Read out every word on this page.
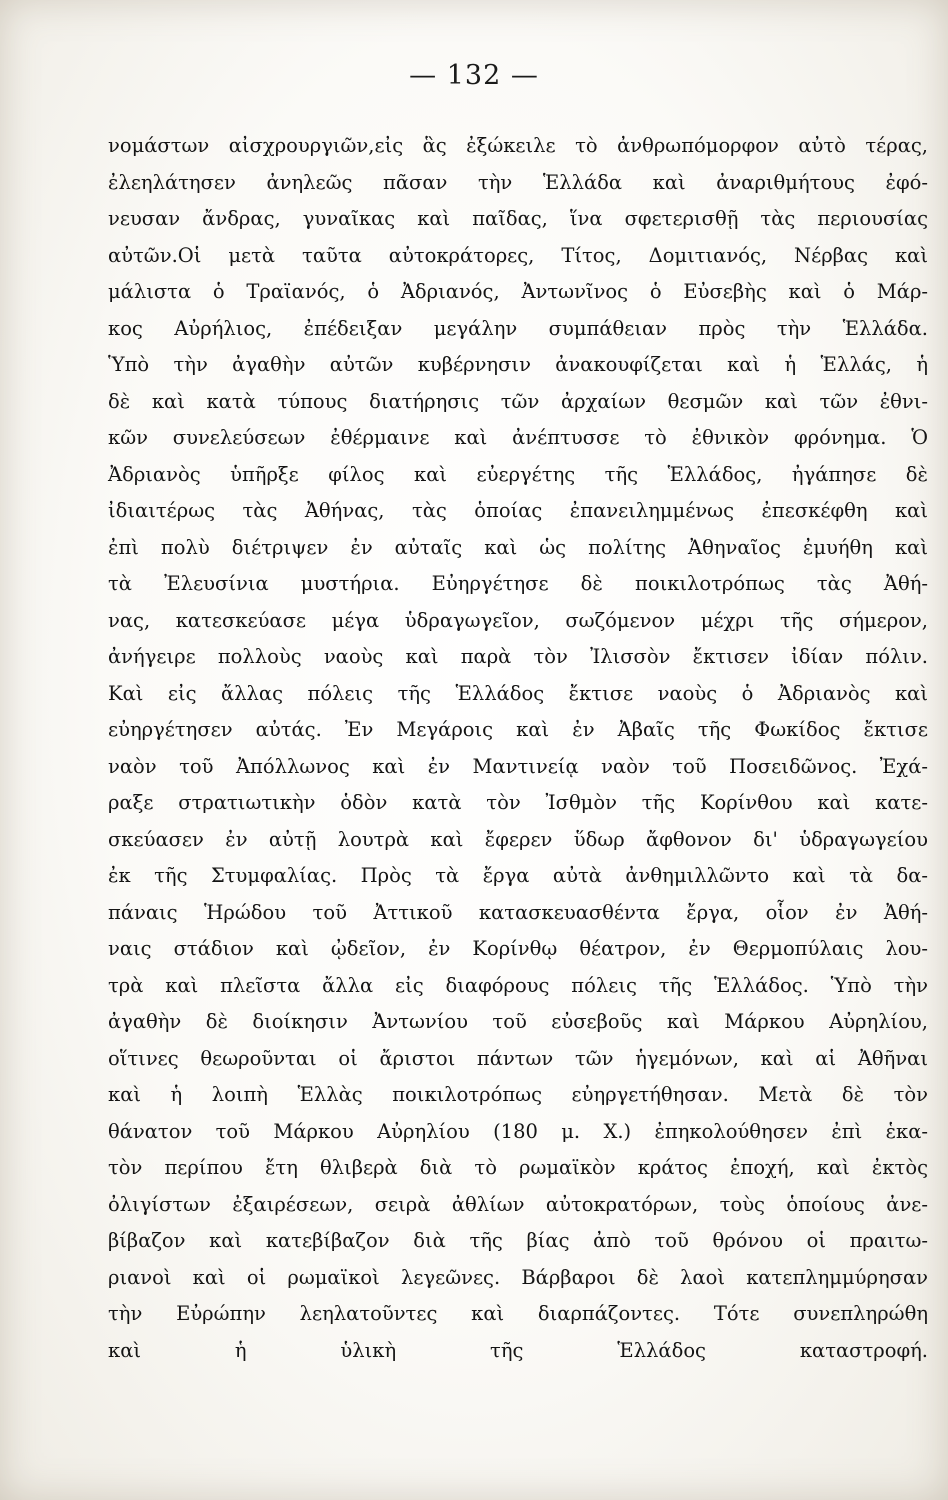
— 132 —
νομάστων αἰσχρουργιῶν,εἰς ἃς ἐξώκειλε τὸ ἀνθρωπόμορφον αὐτὸ τέρας,
ἐλεηλάτησεν ἀνηλεῶς πᾶσαν τὴν Ἑλλάδα καὶ ἀναριθμήτους ἐφό-
νευσαν ἄνδρας, γυναῖκας καὶ παῖδας, ἵνα σφετερισθῇ τὰς περιουσίας
αὐτῶν.Οἱ μετὰ ταῦτα αὐτοκράτορες, Τίτος, Δομιτιανός, Νέρβας καὶ
μάλιστα ὁ Τραϊανός, ὁ Ἀδριανός, Ἀντωνῖνος ὁ Εὐσεβὴς καὶ ὁ Μάρ-
κος Αὐρήλιος, ἐπέδειξαν μεγάλην συμπάθειαν πρὸς τὴν Ἑλλάδα.
Ὑπὸ τὴν ἀγαθὴν αὐτῶν κυβέρνησιν ἀνακουφίζεται καὶ ἡ Ἑλλάς, ἡ
δὲ καὶ κατὰ τύπους διατήρησις τῶν ἀρχαίων θεσμῶν καὶ τῶν ἐθνι-
κῶν συνελεύσεων ἐθέρμαινε καὶ ἀνέπτυσσε τὸ ἐθνικὸν φρόνημα. Ὁ
Ἀδριανὸς ὑπῆρξε φίλος καὶ εὐεργέτης τῆς Ἑλλάδος, ἠγάπησε δὲ
ἰδιαιτέρως τὰς Ἀθήνας, τὰς ὁποίας ἐπανειλημμένως ἐπεσκέφθη καὶ
ἐπὶ πολὺ διέτριψεν ἐν αὐταῖς καὶ ὡς πολίτης Ἀθηναῖος ἐμυήθη καὶ
τὰ Ἐλευσίνια μυστήρια. Εὐηργέτησε δὲ ποικιλοτρόπως τὰς Ἀθή-
νας, κατεσκεύασε μέγα ὑδραγωγεῖον, σωζόμενον μέχρι τῆς σήμερον,
ἀνήγειρε πολλοὺς ναοὺς καὶ παρὰ τὸν Ἰλισσὸν ἔκτισεν ἰδίαν πόλιν.
Καὶ εἰς ἄλλας πόλεις τῆς Ἑλλάδος ἔκτισε ναοὺς ὁ Ἀδριανὸς καὶ
εὐηργέτησεν αὐτάς. Ἐν Μεγάροις καὶ ἐν Ἀβαῖς τῆς Φωκίδος ἔκτισε
ναὸν τοῦ Ἀπόλλωνος καὶ ἐν Μαντινείᾳ ναὸν τοῦ Ποσειδῶνος. Ἐχά-
ραξε στρατιωτικὴν ὁδὸν κατὰ τὸν Ἰσθμὸν τῆς Κορίνθου καὶ κατε-
σκεύασεν ἐν αὐτῇ λουτρὰ καὶ ἔφερεν ὕδωρ ἄφθονον δι' ὑδραγωγείου
ἐκ τῆς Στυμφαλίας. Πρὸς τὰ ἔργα αὐτὰ ἀνθημιλλῶντο καὶ τὰ δα-
πάναις Ἡρώδου τοῦ Ἀττικοῦ κατασκευασθέντα ἔργα, οἷον ἐν Ἀθή-
ναις στάδιον καὶ ᾠδεῖον, ἐν Κορίνθῳ θέατρον, ἐν Θερμοπύλαις λου-
τρὰ καὶ πλεῖστα ἄλλα εἰς διαφόρους πόλεις τῆς Ἑλλάδος. Ὑπὸ τὴν
ἀγαθὴν δὲ διοίκησιν Ἀντωνίου τοῦ εὐσεβοῦς καὶ Μάρκου Αὐρηλίου,
οἵτινες θεωροῦνται οἱ ἄριστοι πάντων τῶν ἡγεμόνων, καὶ αἱ Ἀθῆναι
καὶ ἡ λοιπὴ Ἑλλὰς ποικιλοτρόπως εὐηργετήθησαν. Μετὰ δὲ τὸν
θάνατον τοῦ Μάρκου Αὐρηλίου (180 μ. Χ.) ἐπηκολούθησεν ἐπὶ ἑκα-
τὸν περίπου ἔτη θλιβερὰ διὰ τὸ ρωμαϊκὸν κράτος ἐποχή, καὶ ἐκτὸς
ὀλιγίστων ἐξαιρέσεων, σειρὰ ἀθλίων αὐτοκρατόρων, τοὺς ὁποίους ἀνε-
βίβαζον καὶ κατεβίβαζον διὰ τῆς βίας ἀπὸ τοῦ θρόνου οἱ πραιτω-
ριανοὶ καὶ οἱ ρωμαϊκοὶ λεγεῶνες. Βάρβαροι δὲ λαοὶ κατεπλημμύρησαν
τὴν Εὐρώπην λεηλατοῦντες καὶ διαρπάζοντες. Τότε συνεπληρώθη
καὶ ἡ ὑλικὴ τῆς Ἑλλάδος καταστροφή.
